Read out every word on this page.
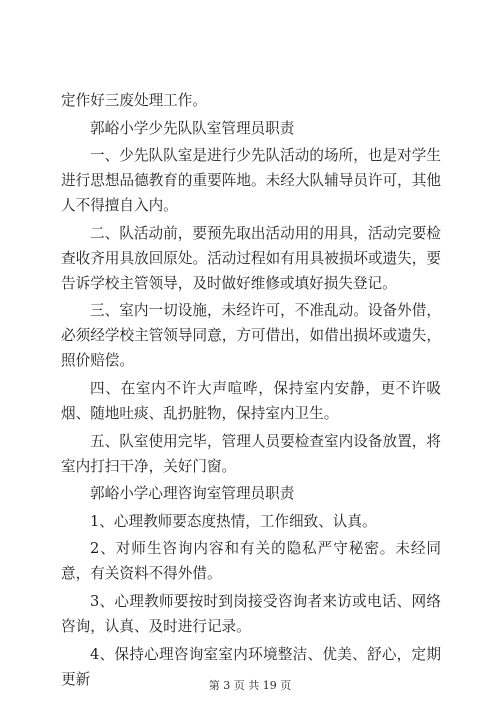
定作好三废处理工作。

郭峪小学少先队队室管理员职责

一、少先队队室是进行少先队活动的场所，也是对学生进行思想品德教育的重要阵地。未经大队辅导员许可，其他人不得擅自入内。

二、队活动前，要预先取出活动用的用具，活动完要检查收齐用具放回原处。活动过程如有用具被损坏或遗失，要告诉学校主管领导，及时做好维修或填好损失登记。

三、室内一切设施，未经许可，不准乱动。设备外借，必须经学校主管领导同意，方可借出，如借出损坏或遗失，照价赔偿。

四、在室内不许大声喧哗，保持室内安静，更不许吸烟、随地吐痰、乱扔脏物，保持室内卫生。

五、队室使用完毕，管理人员要检查室内设备放置，将室内打扫干净，关好门窗。

郭峪小学心理咨询室管理员职责

1、心理教师要态度热情，工作细致、认真。

2、对师生咨询内容和有关的隐私严守秘密。未经同意，有关资料不得外借。

3、心理教师要按时到岗接受咨询者来访或电话、网络咨询，认真、及时进行记录。

4、保持心理咨询室室内环境整洁、优美、舒心，定期更新	第 3 页 共 19 页
